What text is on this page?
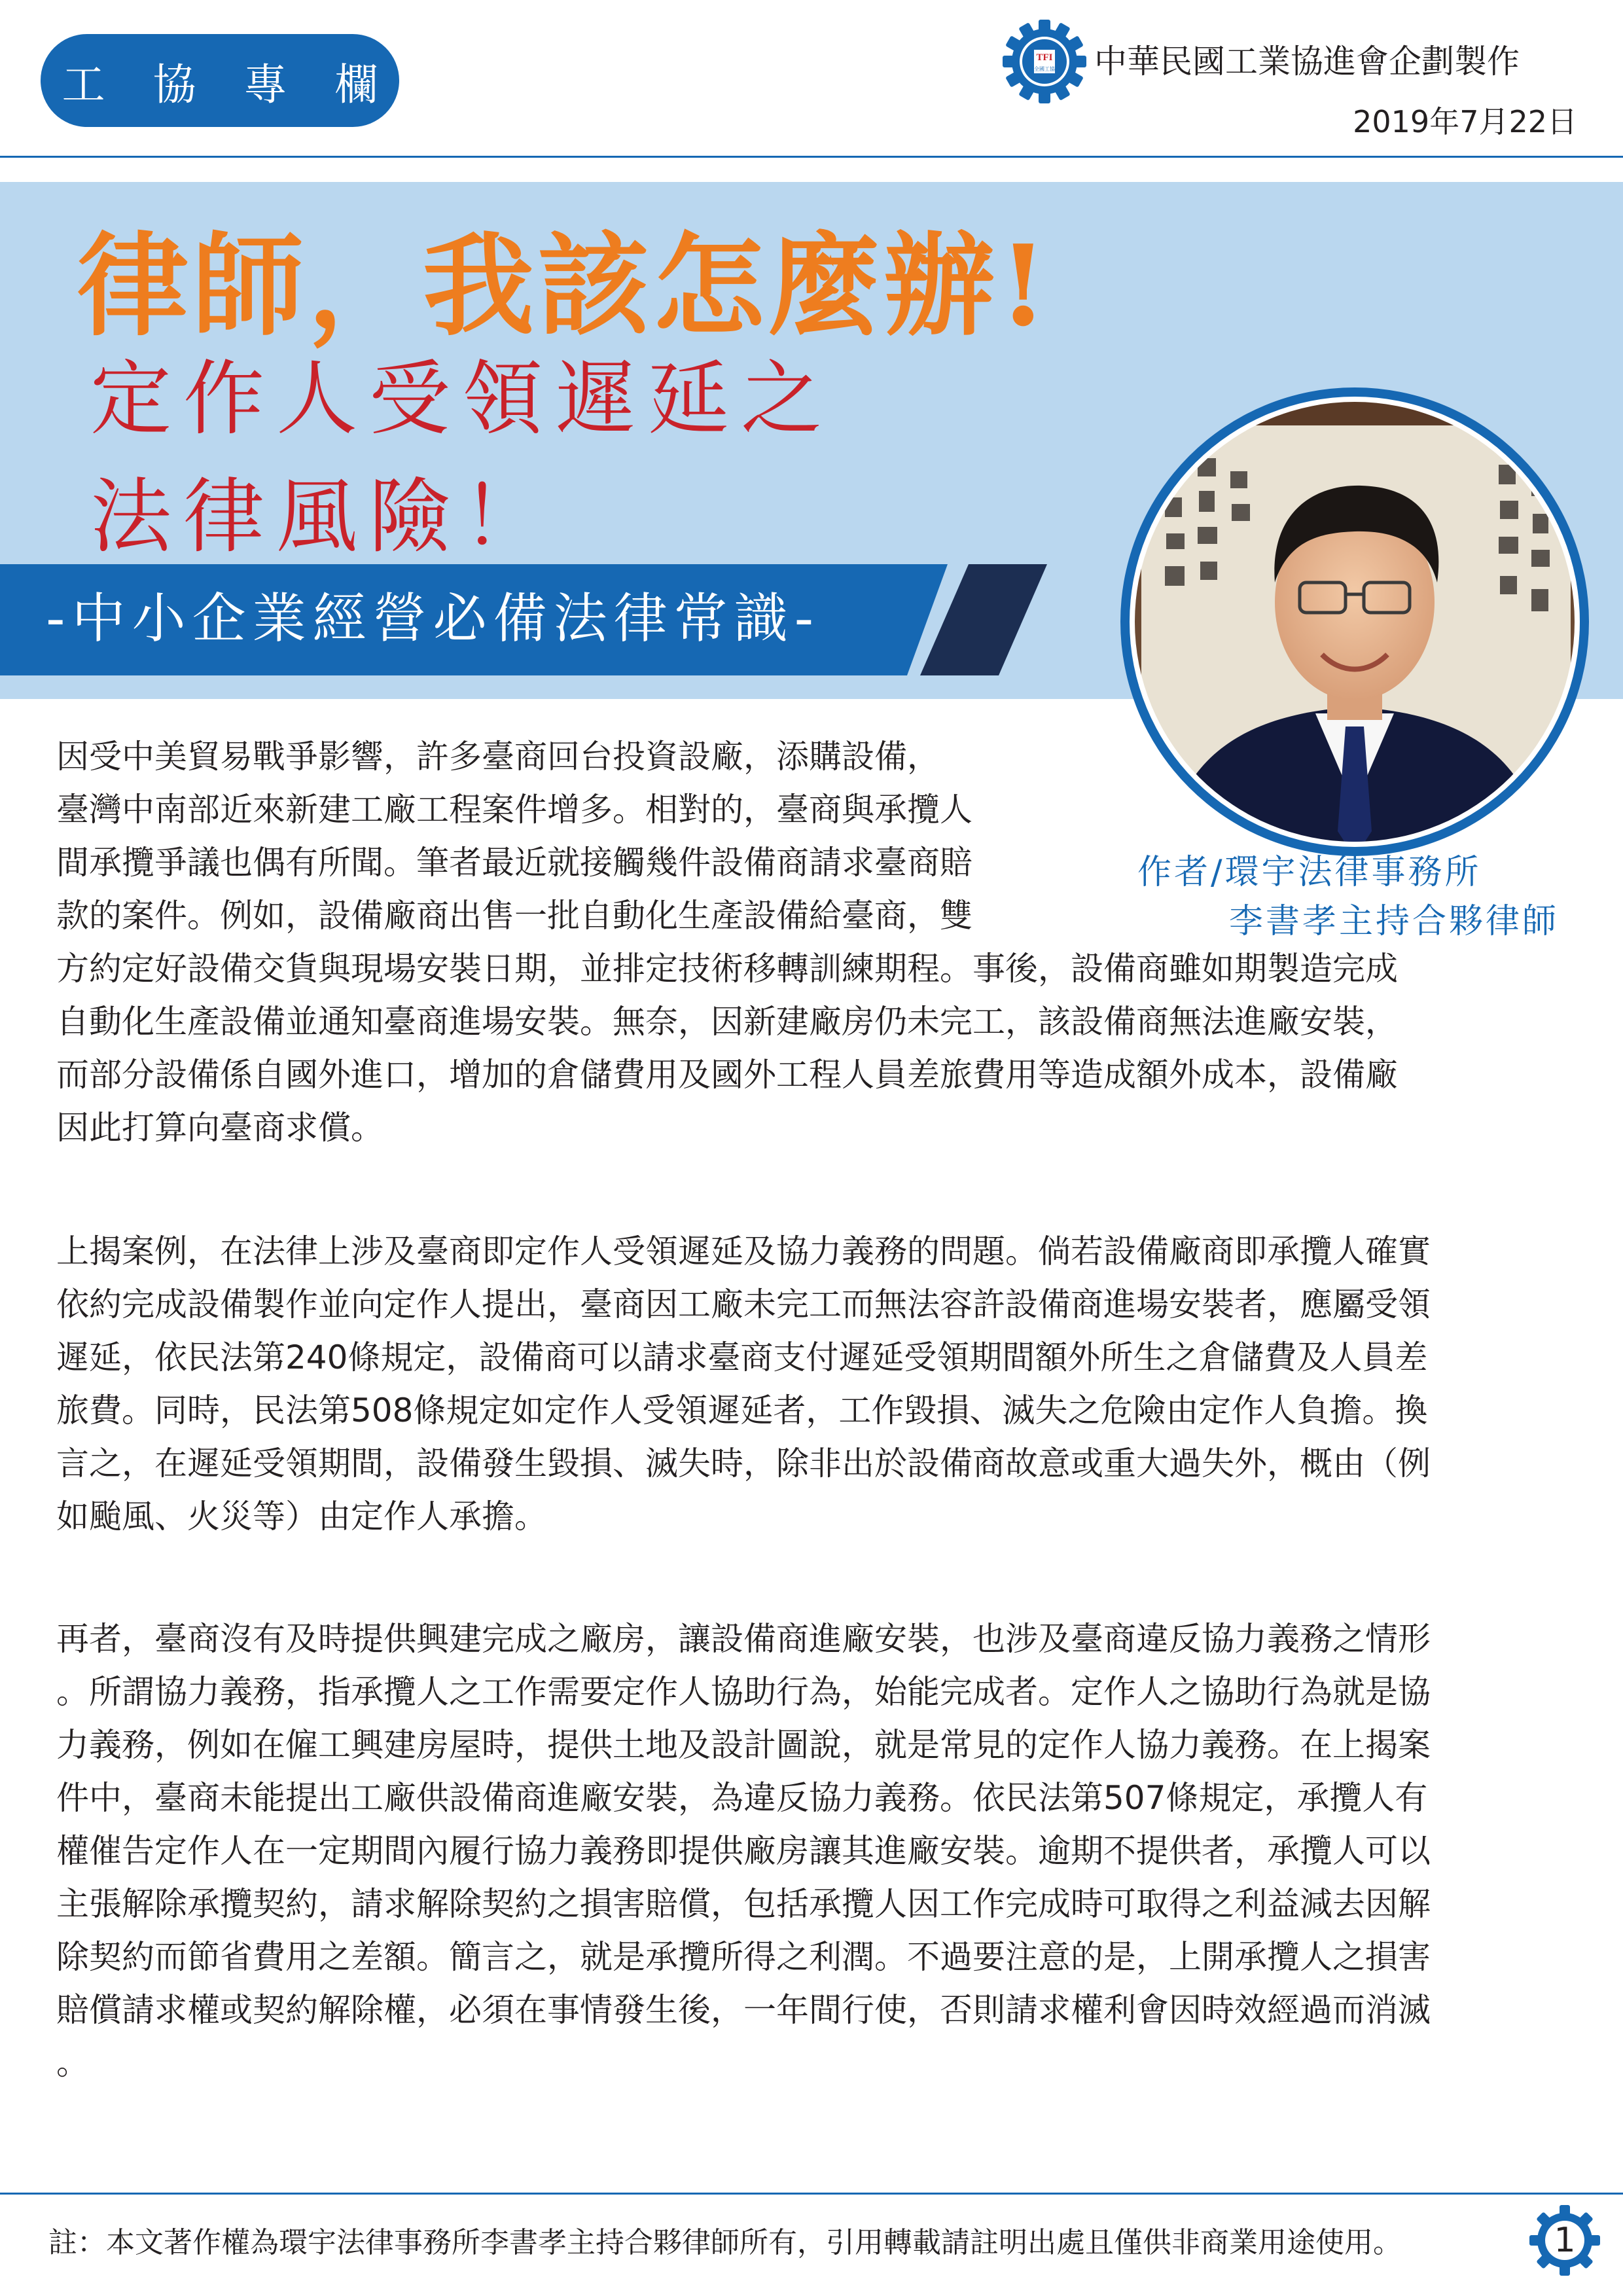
工 協 專 欄
TFI
全國工協 中華民國工業協進會企劃製作
2019年7月22日
律師，我該怎麼辦!
定作人受領遲延之
法律風險！
-中小企業經營必備法律常識-
作者/環宇法律事務所
李書孝主持合夥律師
因受中美貿易戰爭影響，許多臺商回台投資設廠，添購設備，
臺灣中南部近來新建工廠工程案件增多。相對的，臺商與承攬人
間承攬爭議也偶有所聞。筆者最近就接觸幾件設備商請求臺商賠
款的案件。例如，設備廠商出售一批自動化生產設備給臺商，雙
方約定好設備交貨與現場安裝日期，並排定技術移轉訓練期程。事後，設備商雖如期製造完成
自動化生產設備並通知臺商進場安裝。無奈，因新建廠房仍未完工，該設備商無法進廠安裝，
而部分設備係自國外進口，增加的倉儲費用及國外工程人員差旅費用等造成額外成本，設備廠
因此打算向臺商求償。
上揭案例，在法律上涉及臺商即定作人受領遲延及協力義務的問題。倘若設備廠商即承攬人確實
依約完成設備製作並向定作人提出，臺商因工廠未完工而無法容許設備商進場安裝者，應屬受領
遲延，依民法第240條規定，設備商可以請求臺商支付遲延受領期間額外所生之倉儲費及人員差
旅費。同時，民法第508條規定如定作人受領遲延者，工作毀損、滅失之危險由定作人負擔。換
言之，在遲延受領期間，設備發生毀損、滅失時，除非出於設備商故意或重大過失外，概由（例
如颱風、火災等）由定作人承擔。
再者，臺商沒有及時提供興建完成之廠房，讓設備商進廠安裝，也涉及臺商違反協力義務之情形
。所謂協力義務，指承攬人之工作需要定作人協助行為，始能完成者。定作人之協助行為就是協
力義務，例如在僱工興建房屋時，提供土地及設計圖說，就是常見的定作人協力義務。在上揭案
件中，臺商未能提出工廠供設備商進廠安裝，為違反協力義務。依民法第507條規定，承攬人有
權催告定作人在一定期間內履行協力義務即提供廠房讓其進廠安裝。逾期不提供者，承攬人可以
主張解除承攬契約，請求解除契約之損害賠償，包括承攬人因工作完成時可取得之利益減去因解
除契約而節省費用之差額。簡言之，就是承攬所得之利潤。不過要注意的是，上開承攬人之損害
賠償請求權或契約解除權，必須在事情發生後，一年間行使，否則請求權利會因時效經過而消滅
。
註：本文著作權為環宇法律事務所李書孝主持合夥律師所有，引用轉載請註明出處且僅供非商業用途使用。	1
